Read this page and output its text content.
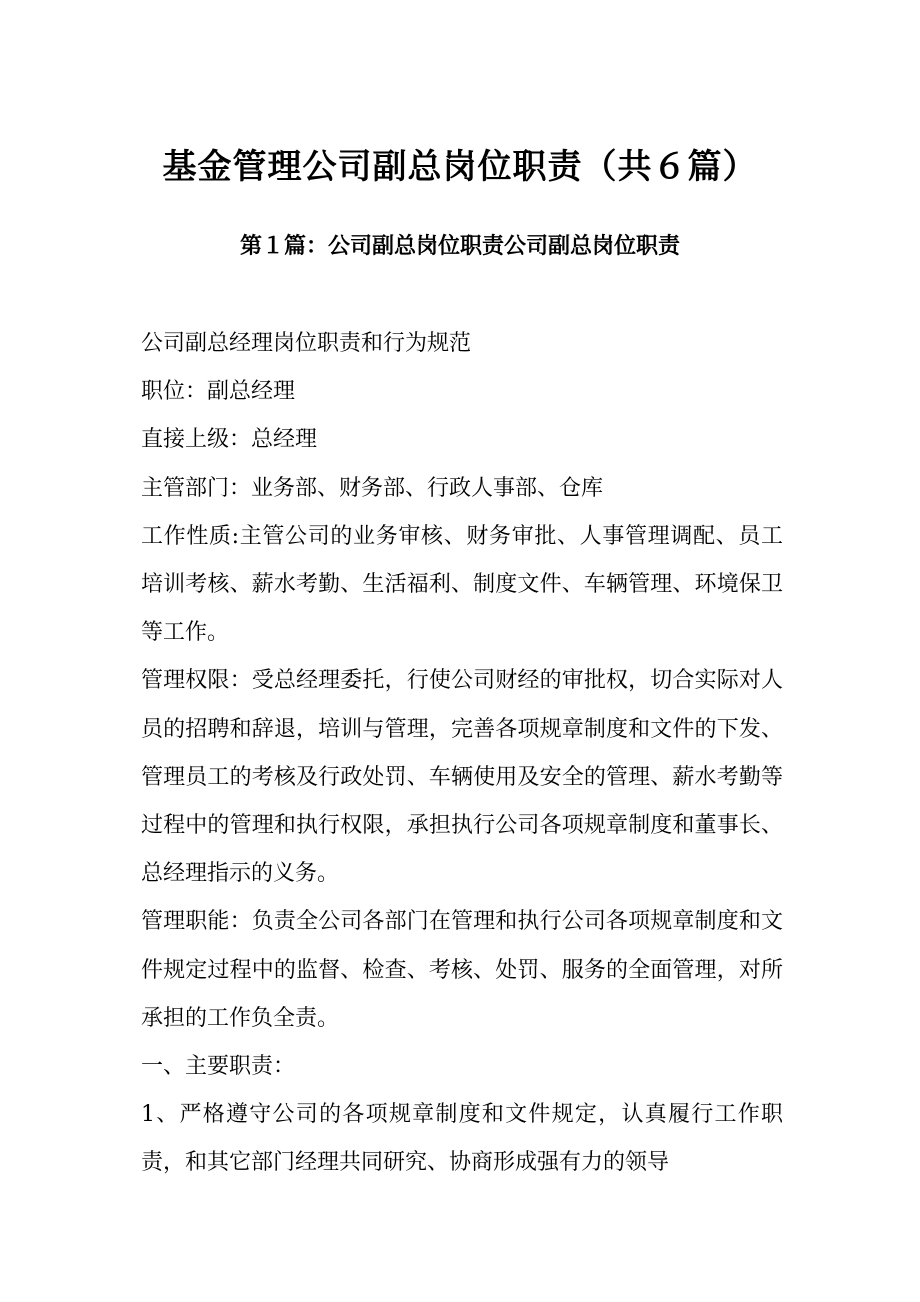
基金管理公司副总岗位职责（共６篇）
第１篇：公司副总岗位职责公司副总岗位职责

公司副总经理岗位职责和行为规范

职位：副总经理

直接上级：总经理

主管部门：业务部、财务部、行政人事部、仓库

工作性质:主管公司的业务审核、财务审批、人事管理调配、员工培训考核、薪水考勤、生活福利、制度文件、车辆管理、环境保卫等工作。

管理权限：受总经理委托，行使公司财经的审批权，切合实际对人员的招聘和辞退，培训与管理，完善各项规章制度和文件的下发、管理员工的考核及行政处罚、车辆使用及安全的管理、薪水考勤等过程中的管理和执行权限，承担执行公司各项规章制度和董事长、总经理指示的义务。

管理职能：负责全公司各部门在管理和执行公司各项规章制度和文件规定过程中的监督、检查、考核、处罚、服务的全面管理，对所承担的工作负全责。

一、主要职责：

1、严格遵守公司的各项规章制度和文件规定，认真履行工作职责，和其它部门经理共同研究、协商形成强有力的领导
